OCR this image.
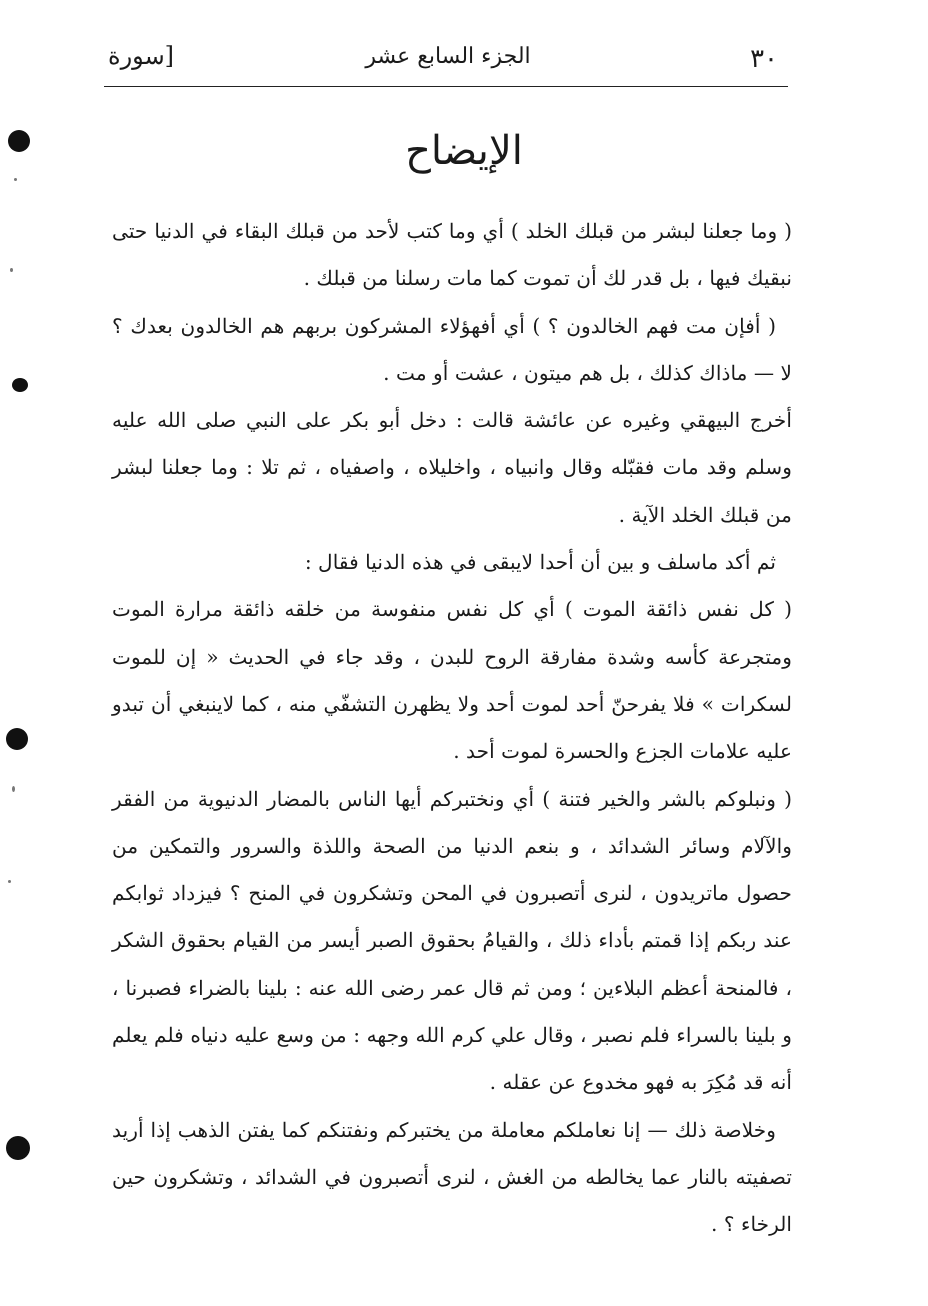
٣٠
الجزء السابع عشر
[سورة
الإيضاح

( وما جعلنا لبشر من قبلك الخلد ) أي وما كتب لأحد من قبلك البقاء في الدنيا حتى نبقيك فيها ، بل قدر لك أن تموت كما مات رسلنا من قبلك .

( أفإن مت فهم الخالدون ؟ ) أي أفهؤلاء المشركون بربهم هم الخالدون بعدك ؟ لا — ماذاك كذلك ، بل هم ميتون ، عشت أو مت .

أخرج البيهقي وغيره عن عائشة قالت : دخل أبو بكر على النبي صلى الله عليه وسلم وقد مات فقبّله وقال وانبياه ، واخليلاه ، واصفياه ، ثم تلا : وما جعلنا لبشر من قبلك الخلد الآية .

ثم أكد ماسلف و بين أن أحدا لايبقى في هذه الدنيا فقال :

( كل نفس ذائقة الموت ) أي كل نفس منفوسة من خلقه ذائقة مرارة الموت ومتجرعة كأسه وشدة مفارقة الروح للبدن ، وقد جاء في الحديث « إن للموت لسكرات » فلا يفرحنّ أحد لموت أحد ولا يظهرن التشفّي منه ، كما لاينبغي أن تبدو عليه علامات الجزع والحسرة لموت أحد .

( ونبلوكم بالشر والخير فتنة ) أي ونختبركم أيها الناس بالمضار الدنيوية من الفقر والآلام وسائر الشدائد ، و بنعم الدنيا من الصحة واللذة والسرور والتمكين من حصول ماتريدون ، لنرى أتصبرون في المحن وتشكرون في المنح ؟ فيزداد ثوابكم عند ربكم إذا قمتم بأداء ذلك ، والقيامُ بحقوق الصبر أيسر من القيام بحقوق الشكر ، فالمنحة أعظم البلاءين ؛ ومن ثم قال عمر رضى الله عنه : بلينا بالضراء فصبرنا ، و بلينا بالسراء فلم نصبر ، وقال علي كرم الله وجهه : من وسع عليه دنياه فلم يعلم أنه قد مُكِرَ به فهو مخدوع عن عقله .

وخلاصة ذلك — إنا نعاملكم معاملة من يختبركم ونفتنكم كما يفتن الذهب إذا أريد تصفيته بالنار عما يخالطه من الغش ، لنرى أتصبرون في الشدائد ، وتشكرون حين الرخاء ؟ .
